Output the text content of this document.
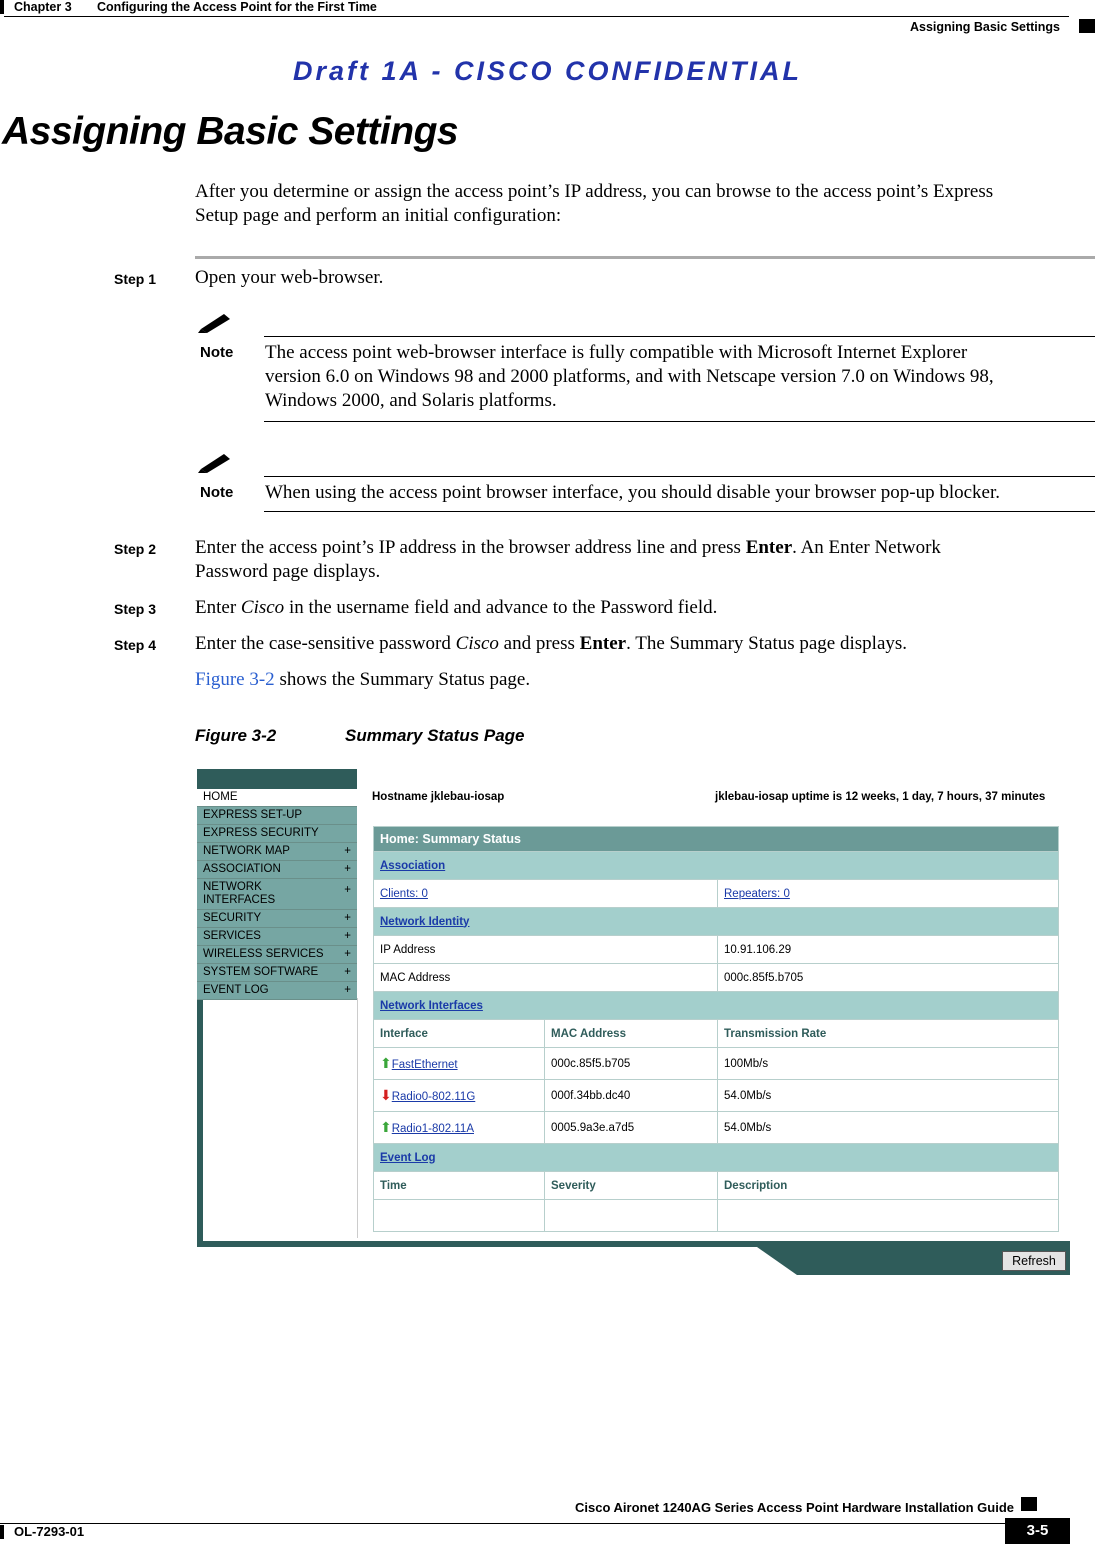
Chapter 3 Configuring the Access Point for the First Time
Assigning Basic Settings
Draft 1A - CISCO CONFIDENTIAL
Assigning Basic Settings
After you determine or assign the access point’s IP address, you can browse to the access point’s Express
Setup page and perform an initial configuration:
Step 1 Open your web-browser.
Note The access point web-browser interface is fully compatible with Microsoft Internet Explorer
version 6.0 on Windows 98 and 2000 platforms, and with Netscape version 7.0 on Windows 98,
Windows 2000, and Solaris platforms.
Note When using the access point browser interface, you should disable your browser pop-up blocker.
Step 2 Enter the access point’s IP address in the browser address line and press Enter. An Enter Network
Password page displays.
Step 3 Enter Cisco in the username field and advance to the Password field.
Step 4 Enter the case-sensitive password Cisco and press Enter. The Summary Status page displays.
Figure 3-2 shows the Summary Status page.
Figure 3-2	Summary Status Page
HOME
EXPRESS SET-UP
EXPRESS SECURITY
NETWORK MAP	+
ASSOCIATION	+
NETWORK
INTERFACES
+
SECURITY	+
SERVICES	+
WIRELESS SERVICES +
SYSTEM SOFTWARE +
EVENT LOG	+
Hostname jklebau-iosap	jklebau-iosap uptime is 12 weeks, 1 day, 7 hours, 37 minutes
Home: Summary Status		
Association		
Clients: 0		Repeaters: 0
Network Identity		
IP Address		10.91.106.29
MAC Address		000c.85f5.b705
Network Interfaces		
Interface	MAC Address	Transmission Rate
⬆FastEthernet	000c.85f5.b705	100Mb/s
⬇Radio0-802.11G	000f.34bb.dc40	54.0Mb/s
⬆Radio1-802.11A	0005.9a3e.a7d5	54.0Mb/s
Event Log		
Time	Severity	Description

Refresh
Cisco Aironet 1240AG Series Access Point Hardware Installation Guide
OL-7293-01	3-5
